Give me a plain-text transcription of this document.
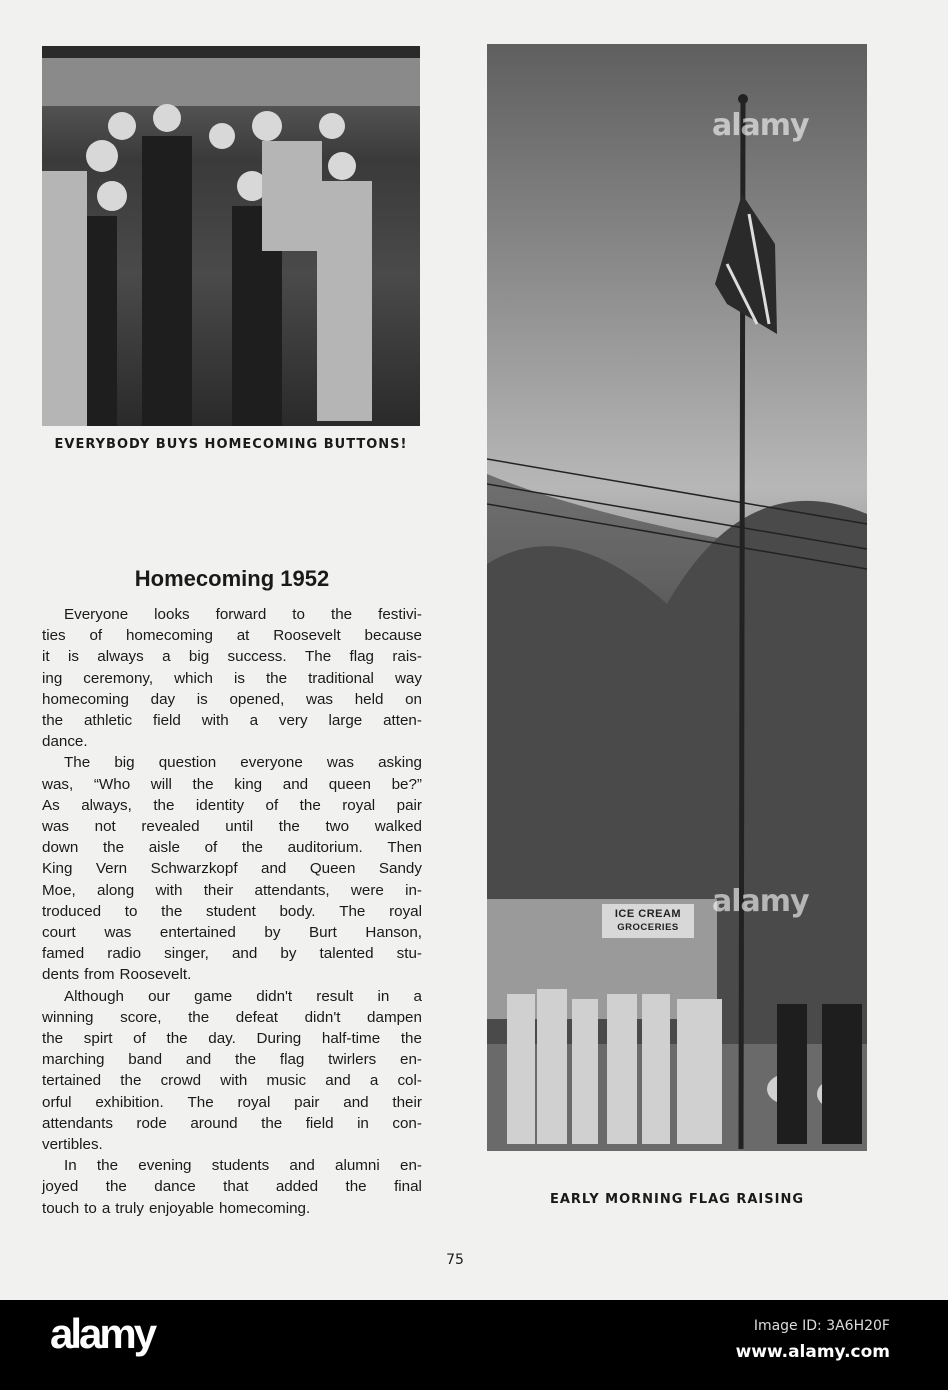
EVERYBODY BUYS HOMECOMING BUTTONS!
ICE CREAM
GROCERIES
EARLY MORNING FLAG RAISING
alamy
alamy
Homecoming 1952
Everyone looks forward to the festivi-
ties of homecoming at Roosevelt because
it is always a big success. The flag rais-
ing ceremony, which is the traditional way
homecoming day is opened, was held on
the athletic field with a very large atten-
dance.
The big question everyone was asking
was, “Who will the king and queen be?”
As always, the identity of the royal pair
was not revealed until the two walked
down the aisle of the auditorium. Then
King Vern Schwarzkopf and Queen Sandy
Moe, along with their attendants, were in-
troduced to the student body. The royal
court was entertained by Burt Hanson,
famed radio singer, and by talented stu-
dents from Roosevelt.
Although our game didn't result in a
winning score, the defeat didn't dampen
the spirt of the day. During half-time the
marching band and the flag twirlers en-
tertained the crowd with music and a col-
orful exhibition. The royal pair and their
attendants rode around the field in con-
vertibles.
In the evening students and alumni en-
joyed the dance that added the final
touch to a truly enjoyable homecoming.
75
alamy	Image ID: 3A6H20F
www.alamy.com
